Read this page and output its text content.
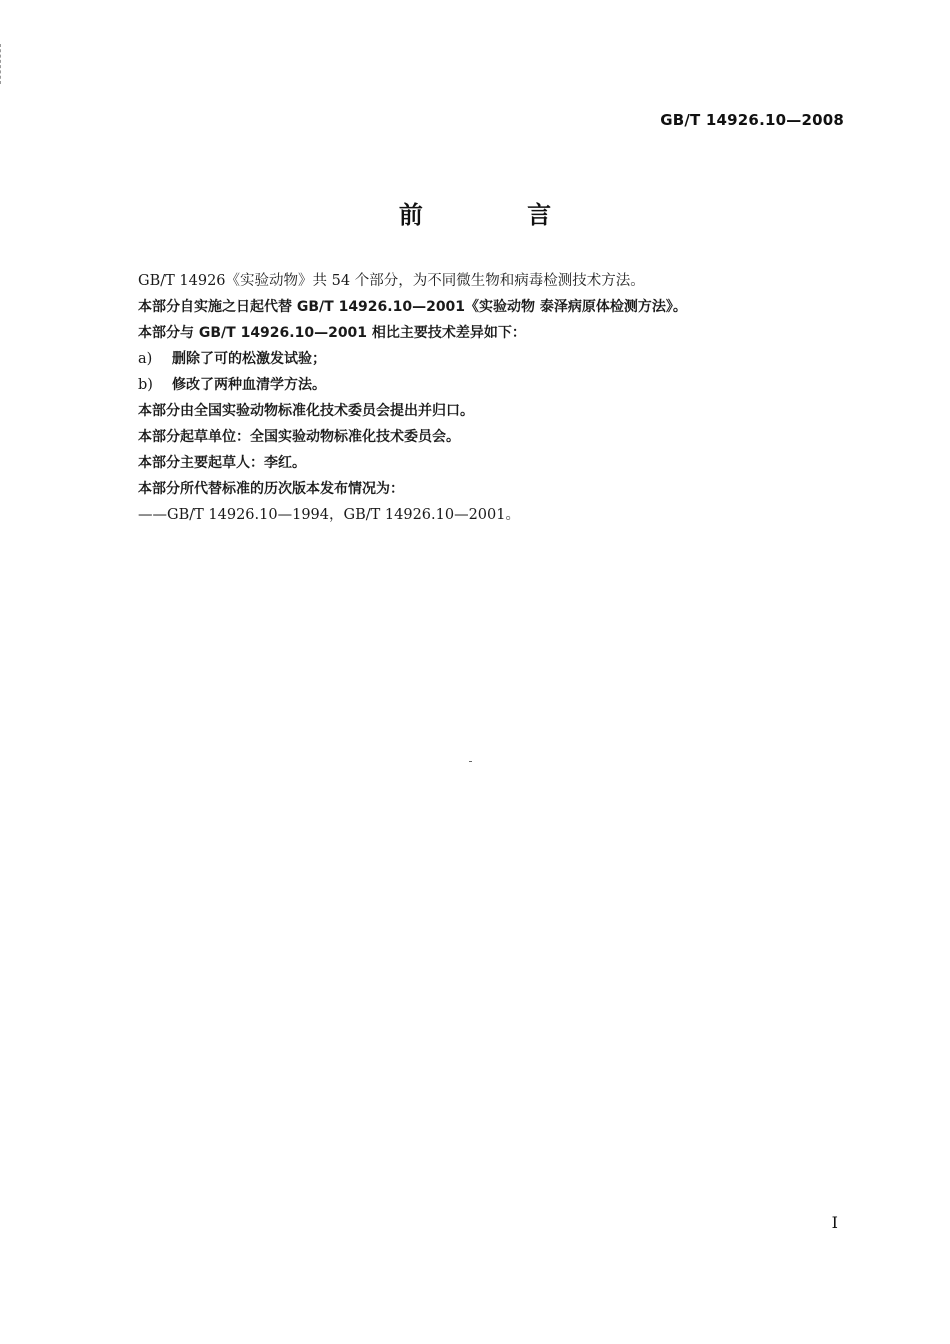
GB/T 14926.10—2008
前 言
GB/T 14926《实验动物》共 54 个部分，为不同微生物和病毒检测技术方法。
本部分自实施之日起代替 GB/T 14926.10—2001《实验动物 泰泽病原体检测方法》。
本部分与 GB/T 14926.10—2001 相比主要技术差异如下：
a)	删除了可的松激发试验；
b)	修改了两种血清学方法。
本部分由全国实验动物标准化技术委员会提出并归口。
本部分起草单位：全国实验动物标准化技术委员会。
本部分主要起草人：李红。
本部分所代替标准的历次版本发布情况为：
——GB/T 14926.10—1994，GB/T 14926.10—2001。
I
